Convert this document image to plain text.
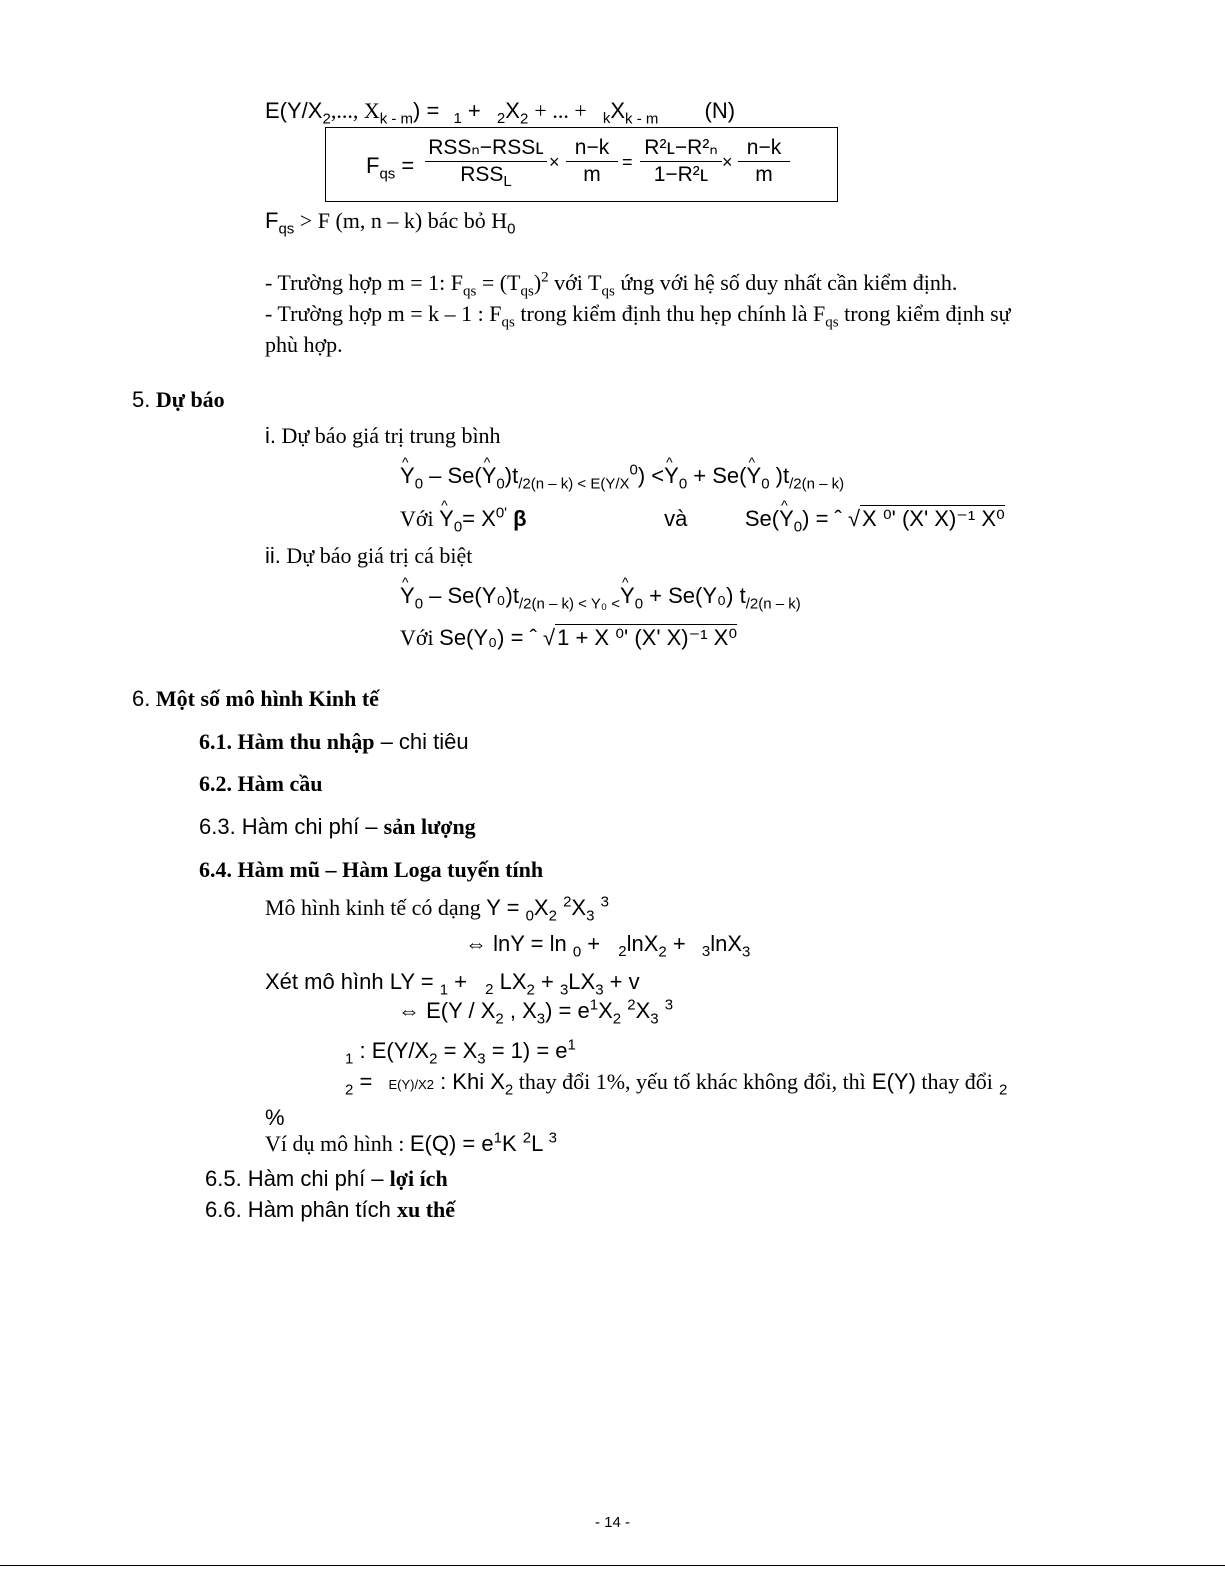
$E(Y/X_2$,..., $X_{k - m}) = _1 + _2X_2$ + ... + $_kX_{k - m}$ (N)
$F_{qs}$ =
RSSₙ−RSSʟ
$RSS_L$
×
n−k
m
=
R²ʟ−R²ₙ
1−R²ʟ
×
n−k
m
$F_{qs} > F$ (m, n – k) bác bỏ $H_0$
- Trường hợp m = 1: $F_{qs} = (T_{qs})^2$ với $T_{qs}$ ứng với hệ số duy nhất cần kiểm định.
- Trường hợp m = k – 1 : $F_{qs}$ trong kiểm định thu hẹp chính là $F_{qs}$ trong kiểm định sự
phù hợp.
5. Dự báo
i. Dự báo giá trị trung bình
^ $Y_0$ – Se(^ $Y_0)t_{/2(n - k) < E(Y/X}^0$) <^ $Y_0$ + Se(^ $Y_0$ )$t_{/2(n - k)}$
Với ^ $Y_0= X^{0'}$ β	và	Se(^ $Y_0$) = ˆ √X ⁰' (X' X)⁻¹ X⁰
ii. Dự báo giá trị cá biệt
^ $Y_0$ – $Se(Y_0)t_{/2(n - k) < Y_0 <}\^{}$ $Y_0 + Se(Y_0)$ $t_{/2(n - k)}$
Với Se(Y₀) = ˆ √1 + X ⁰' (X' X)⁻¹ X⁰
6. Một số mô hình Kinh tế
6.1. Hàm thu nhập – chi tiêu
6.2. Hàm cầu
6.3. Hàm chi phí – sản lượng
6.4. Hàm mũ – Hàm Loga tuyến tính
Mô hình kinh tế có dạng $Y = _0X_2$ $^2X_3$ $^3$
⇔ lnY = ln $_0$ + $_2$lnX$_2$ + $_3$lnX$_3$
Xét mô hình LY = $_1$ + $_2$ $LX_2 + _3LX_3 + v$
⇔ $E(Y / X_2$ , $X_3) = e^1X_2$ $^2X_3$ $^3$
$_1$ : $E(Y/X_2 = X_3 = 1) = e^1$
$_2$ = E(Y)/X2 : Khi $X_2$ thay đổi 1%, yếu tố khác không đổi, thì E(Y) thay đổi $_2$
%
Ví dụ mô hình : $E(Q) = e^1K$ $^2$L $^3$
6.5. Hàm chi phí – lợi ích
6.6. Hàm phân tích xu thế
- 14 -
